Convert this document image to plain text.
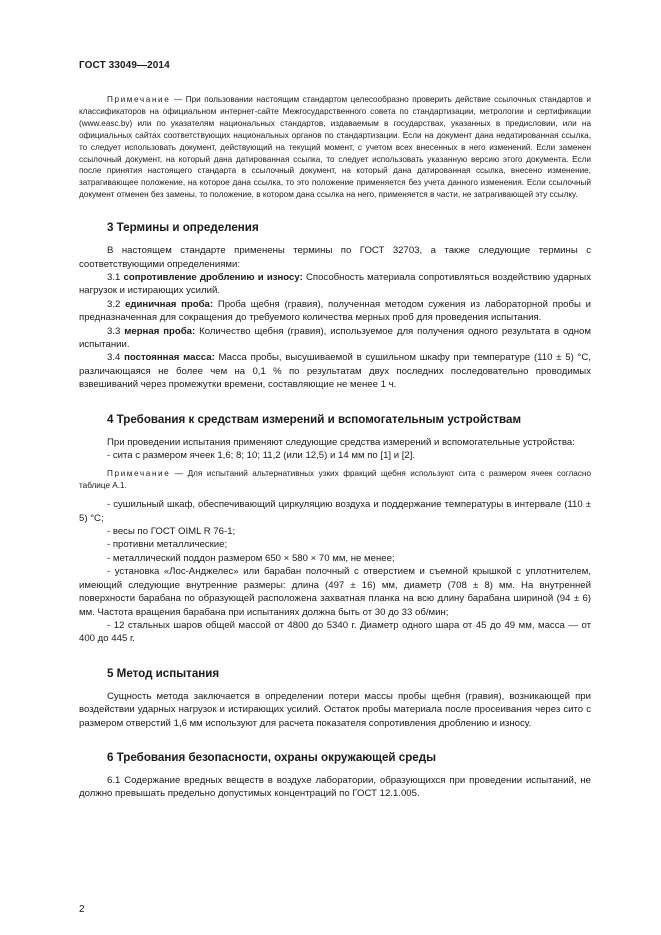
ГОСТ 33049—2014

Примечание — При пользовании настоящим стандартом целесообразно проверить действие ссылочных стандартов и классификаторов на официальном интернет-сайте Межгосударственного совета по стандартизации, метрологии и сертификации (www.easc.by) или по указателям национальных стандартов, издаваемым в государствах, указанных в предисловии, или на официальных сайтах соответствующих национальных органов по стандартизации. Если на документ дана недатированная ссылка, то следует использовать документ, действующий на текущий момент, с учетом всех внесенных в него изменений. Если заменен ссылочный документ, на который дана датированная ссылка, то следует использовать указанную версию этого документа. Если после принятия настоящего стандарта в ссылочный документ, на который дана датированная ссылка, внесено изменение, затрагивающее положение, на которое дана ссылка, то это положение применяется без учета данного изменения. Если ссылочный документ отменен без замены, то положение, в котором дана ссылка на него, применяется в части, не затрагивающей эту ссылку.

3 Термины и определения

В настоящем стандарте применены термины по ГОСТ 32703, а также следующие термины с соответствующими определениями:

3.1 сопротивление дроблению и износу: Способность материала сопротивляться воздействию ударных нагрузок и истирающих усилий.

3.2 единичная проба: Проба щебня (гравия), полученная методом сужения из лабораторной пробы и предназначенная для сокращения до требуемого количества мерных проб для проведения испытания.

3.3 мерная проба: Количество щебня (гравия), используемое для получения одного результата в одном испытании.

3.4 постоянная масса: Масса пробы, высушиваемой в сушильном шкафу при температуре (110 ± 5) °С, различающаяся не более чем на 0,1 % по результатам двух последних последовательно проводимых взвешиваний через промежутки времени, составляющие не менее 1 ч.

4 Требования к средствам измерений и вспомогательным устройствам

При проведении испытания применяют следующие средства измерений и вспомогательные устройства:

- сита с размером ячеек 1,6; 8; 10; 11,2 (или 12,5) и 14 мм по [1] и [2].

Примечание — Для испытаний альтернативных узких фракций щебня используют сита с размером ячеек согласно таблице А.1.

- сушильный шкаф, обеспечивающий циркуляцию воздуха и поддержание температуры в интервале (110 ± 5) °С;

- весы по ГОСТ OIML R 76-1;

- противни металлические;

- металлический поддон размером 650 × 580 × 70 мм, не менее;

- установка «Лос-Анджелес» или барабан полочный с отверстием и съемной крышкой с уплотнителем, имеющий следующие внутренние размеры: длина (497 ± 16) мм, диаметр (708 ± 8) мм. На внутренней поверхности барабана по образующей расположена захватная планка на всю длину барабана шириной (94 ± 6) мм. Частота вращения барабана при испытаниях должна быть от 30 до 33 об/мин;

- 12 стальных шаров общей массой от 4800 до 5340 г. Диаметр одного шара от 45 до 49 мм, масса — от 400 до 445 г.

5 Метод испытания

Сущность метода заключается в определении потери массы пробы щебня (гравия), возникающей при воздействии ударных нагрузок и истирающих усилий. Остаток пробы материала после просеивания через сито с размером отверстий 1,6 мм используют для расчета показателя сопротивления дроблению и износу.

6 Требования безопасности, охраны окружающей среды

6.1 Содержание вредных веществ в воздухе лаборатории, образующихся при проведении испытаний, не должно превышать предельно допустимых концентраций по ГОСТ 12.1.005.

2
